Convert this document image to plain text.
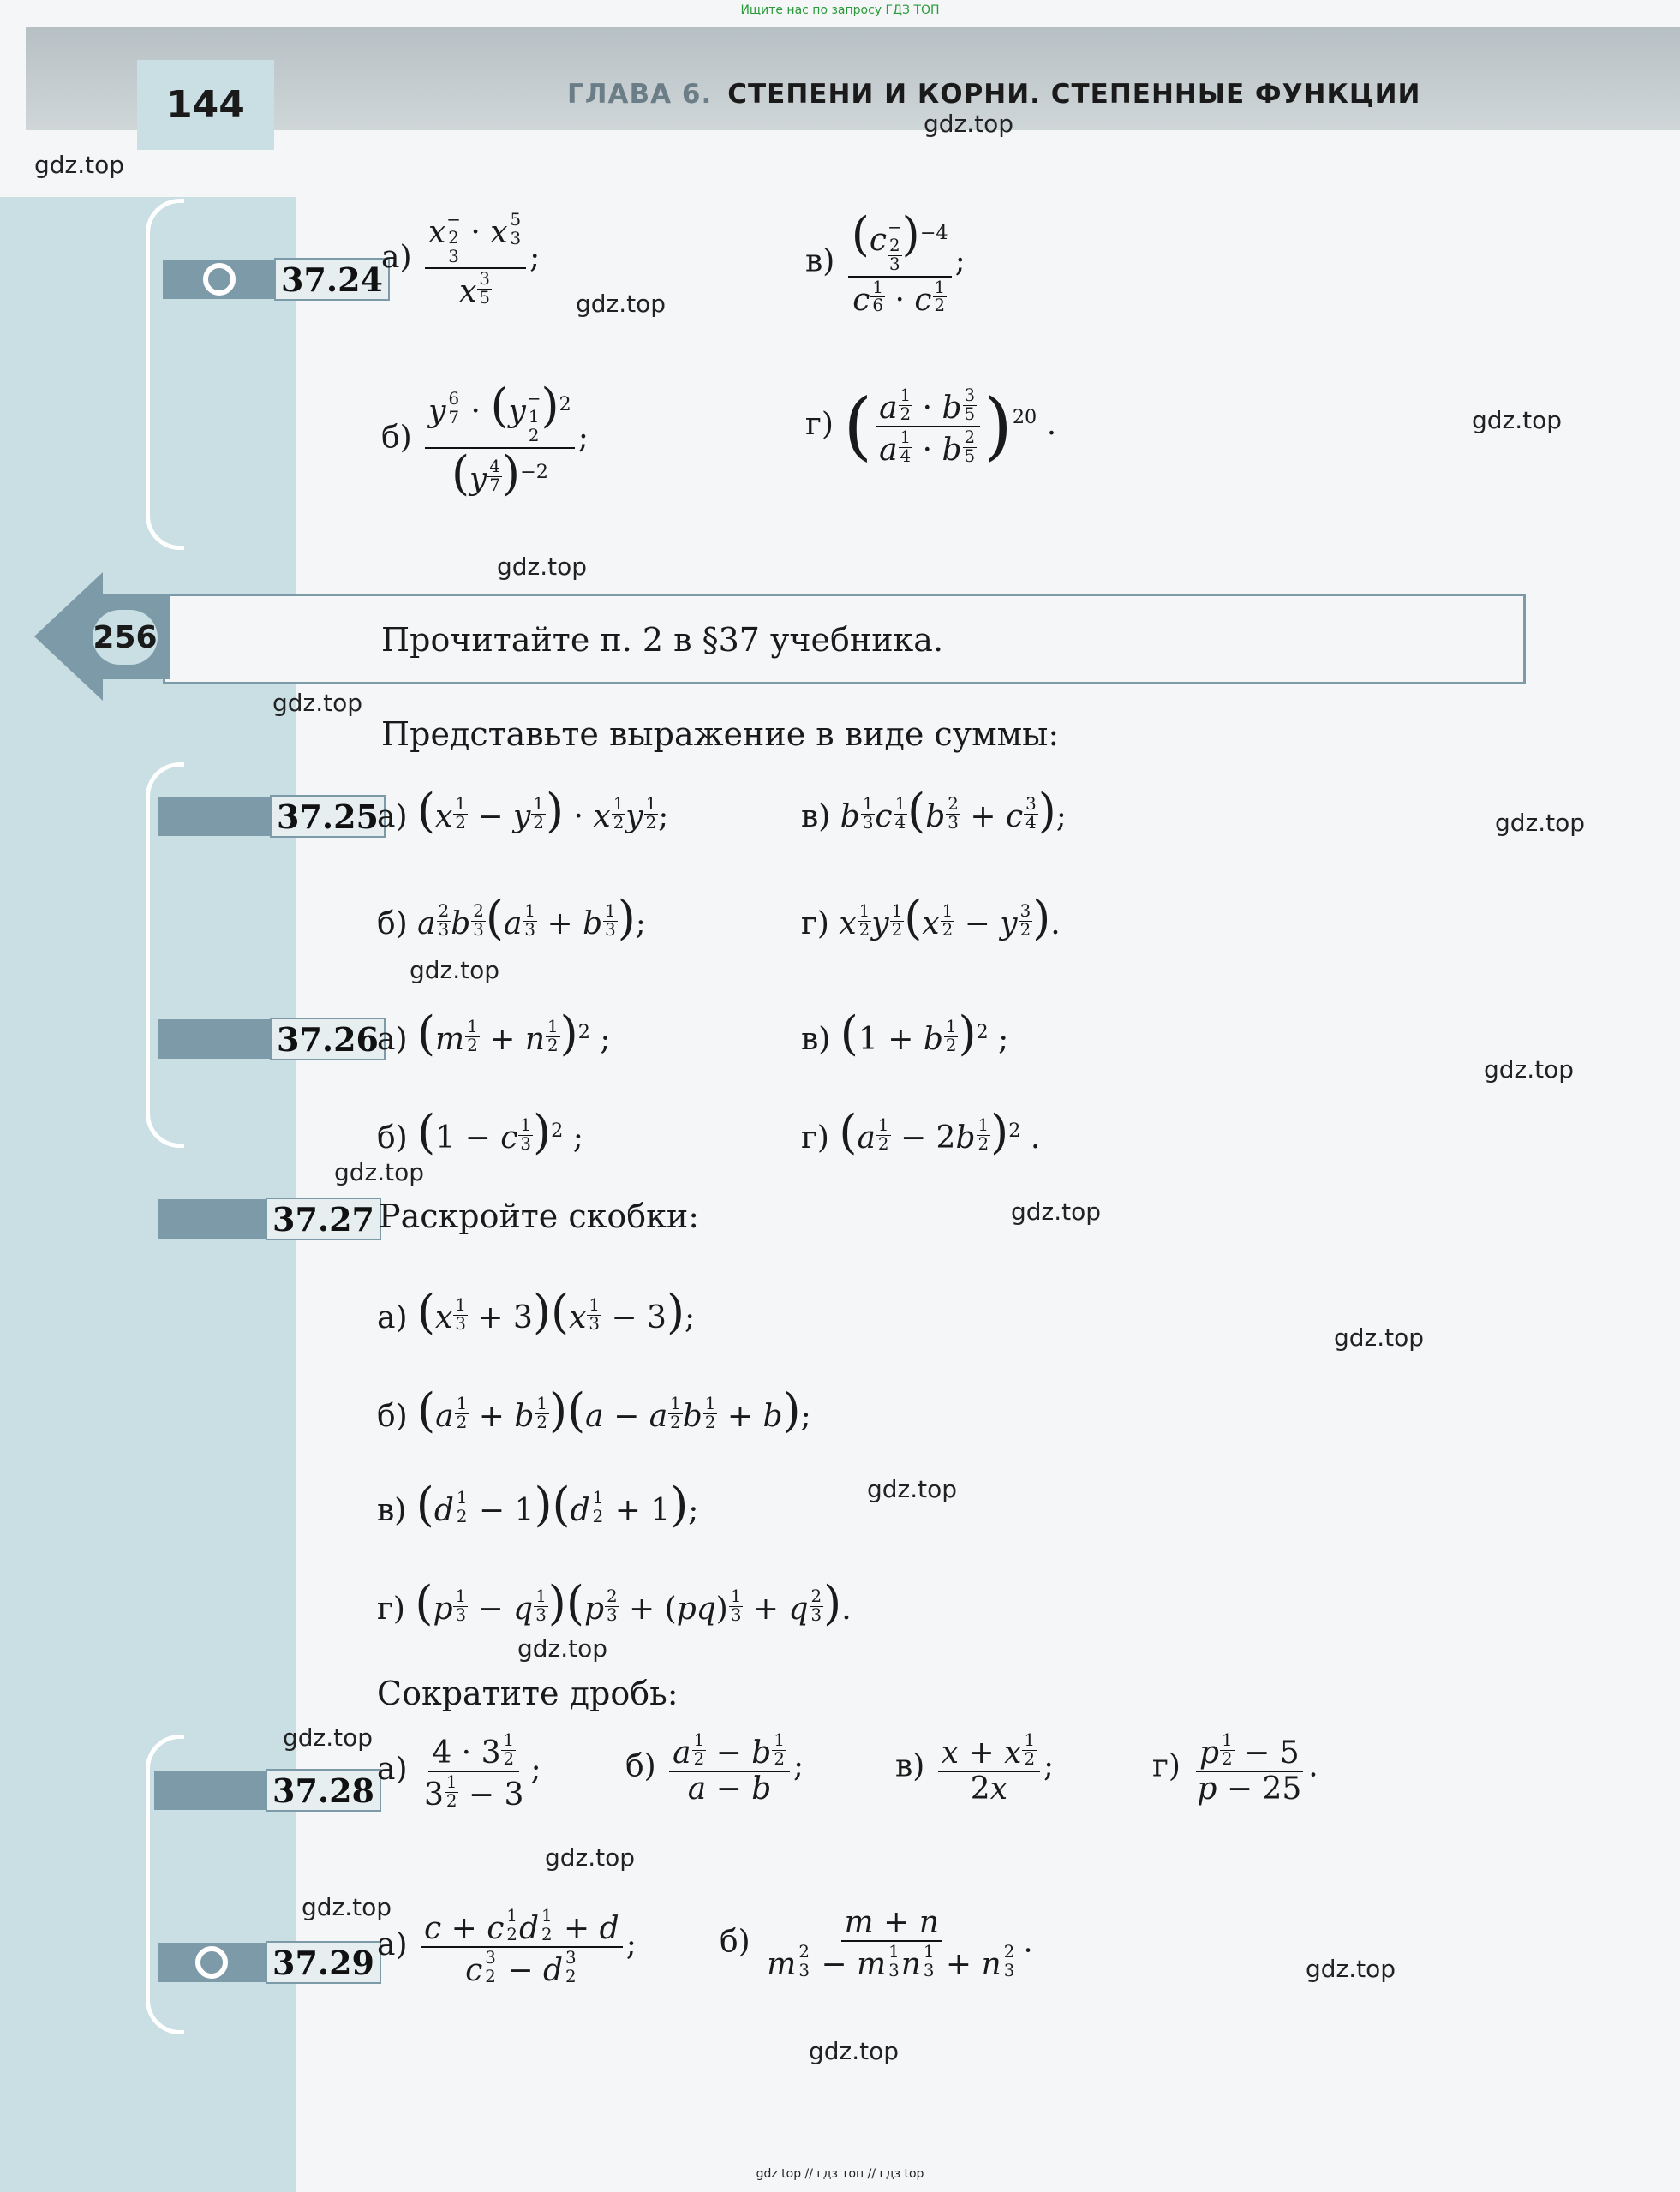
Ищите нас по запросу ГДЗ ТОП
144	ГЛАВА 6. СТЕПЕНИ И КОРНИ. СТЕПЕННЫЕ ФУНКЦИИ
gdz.top
gdz.top
gdz.top
gdz.top
gdz.top
gdz.top
gdz.top
gdz.top
gdz.top
gdz.top
gdz.top
gdz.top
gdz.top
gdz.top
gdz.top
gdz.top
gdz.top
gdz.top
gdz.top
37.24
а) x−
2
3
· x $\frac{5}{3}$
x $\frac{3}{5}$ ;	в) (c−
2
3
)$^{-4}$
c $\frac{1}{6} \cdot c \frac{1}{2}$ ;
б) y $\frac{6}{7} \cdot (y-$
1
2
)$^2$
$(y \frac{4}{7} )^{-2}$ ;	г) ( $\frac{a \frac{1}{2} \cdot b \frac{3}{5}}{a \frac{1}{4} \cdot b \frac{2}{5}} )^{20}$ .
256	Прочитайте п. 2 в §37 учебника.
Представьте выражение в виде суммы:
37.25
а) ($x \frac{1}{2} - y \frac{1}{2}$ ) · x $\frac{1}{2}$ y $\frac{1}{2}$ ;	в) b $\frac{1}{3}$ c $\frac{1}{4} (b \frac{2}{3} + c \frac{3}{4}$ );
б) a $\frac{2}{3}$ b $\frac{2}{3} (a \frac{1}{3} + b \frac{1}{3}$ );	г) x $\frac{1}{2}$ y $\frac{1}{2} (x \frac{1}{2} - y \frac{3}{2}$ ).
37.26
а) $(m \frac{1}{2} + n \frac{1}{2} )^2$ ;	в) (1 + b $\frac{1}{2} )^2$ ;
б) (1 − c $\frac{1}{3} )^2$ ;	г) $(a \frac{1}{2} - 2b \frac{1}{2} )^2$ .
37.27 Раскройте скобки:
а) $(x \frac{1}{3} + 3)(x \frac{1}{3} - 3)$;
б) $(a \frac{1}{2} + b \frac{1}{2} )(a - a \frac{1}{2}$ b $\frac{1}{2} + b$);
в) $(d \frac{1}{2} - 1)(d \frac{1}{2} + 1)$;
г) $(p \frac{1}{3} - q \frac{1}{3} )(p \frac{2}{3} + (pq) \frac{1}{3} + q \frac{2}{3}$ ).
Сократите дробь:
37.28
$а) \frac{4 \cdot 3 \frac{1}{2}}{3 \frac{1}{2} - 3}$ ;	$б) \frac{a \frac{1}{2} - b \frac{1}{2}}{a - b}$ ;	$в) \frac{x + x \frac{1}{2}}{2x}$ ;	$г) \frac{p \frac{1}{2} - 5}{p - 25}$ .
37.29 $а) \frac{c + c \frac{1}{2} d \frac{1}{2} + d}{c \frac{3}{2} - d \frac{3}{2}}$ ;	$б) \frac{m + n}{m \frac{2}{3} - m \frac{1}{3} n \frac{1}{3} + n \frac{2}{3}}$ .
gdz top // гдз топ // гдз top
